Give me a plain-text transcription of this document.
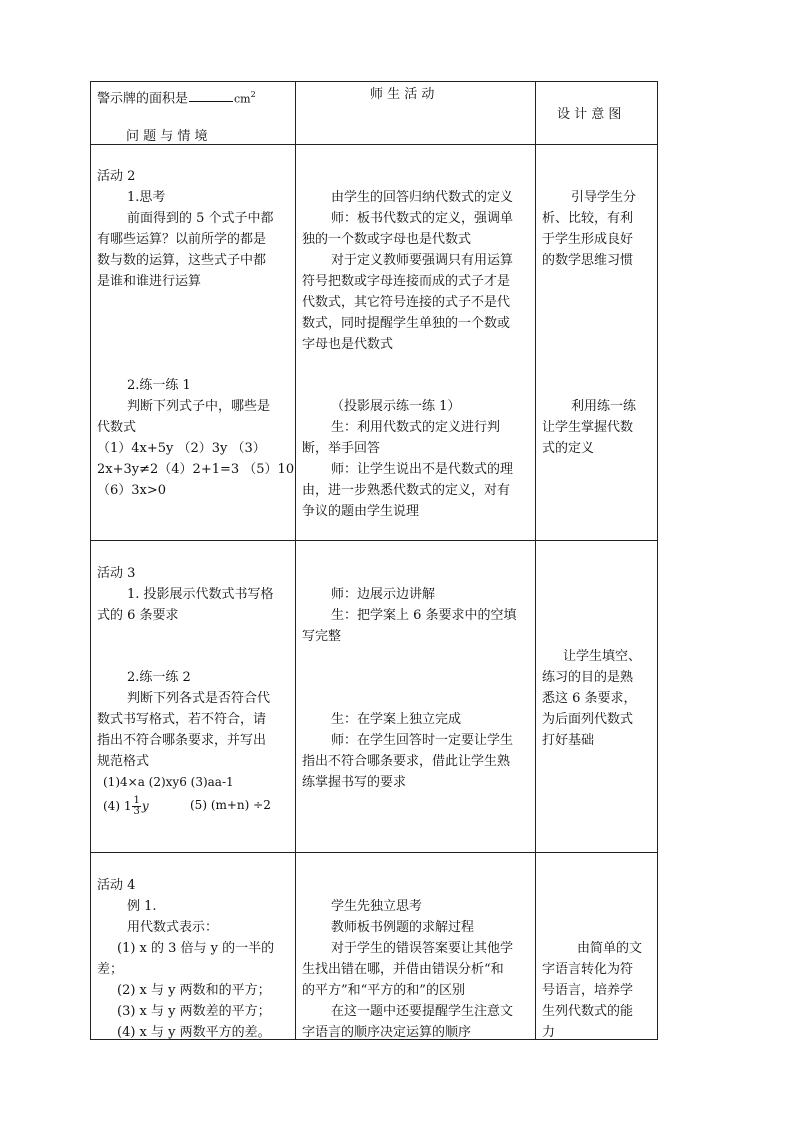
警示牌的面积是	$cm^2$
问 题 与 情 境
师 生 活 动
设 计 意 图
活动 2
1.思考
前面得到的 5 个式子中都
有哪些运算？以前所学的都是
数与数的运算，这些式子中都
是谁和谁进行运算
2.练一练 1
判断下列式子中，哪些是
代数式
（1）4x+5y （2）3y （3）
2x+3y≠2（4）2+1=3 （5）10
（6）3x>0
由学生的回答归纳代数式的定义
师：板书代数式的定义，强调单
独的一个数或字母也是代数式
对于定义教师要强调只有用运算
符号把数或字母连接而成的式子才是
代数式，其它符号连接的式子不是代
数式，同时提醒学生单独的一个数或
字母也是代数式
（投影展示练一练 1）
生：利用代数式的定义进行判
断，举手回答
师：让学生说出不是代数式的理
由，进一步熟悉代数式的定义，对有
争议的题由学生说理
引导学生分
析、比较，有利
于学生形成良好
的数学思维习惯
利用练一练
让学生掌握代数
式的定义
活动 3
1. 投影展示代数式书写格
式的 6 条要求
2.练一练 2
判断下列各式是否符合代
数式书写格式，若不符合，请
指出不符合哪条要求，并写出
规范格式
(1)4×a (2)xy6 (3)aa-1
(4) $1 \frac{1}{3}$ y	(5) (m+n) ÷2
师：边展示边讲解
生：把学案上 6 条要求中的空填
写完整
生：在学案上独立完成
师：在学生回答时一定要让学生
指出不符合哪条要求，借此让学生熟
练掌握书写的要求
让学生填空、
练习的目的是熟
悉这 6 条要求，
为后面列代数式
打好基础
活动 4
例 1.
用代数式表示：
(1) x 的 3 倍与 y 的一半的
差；
(2) x 与 y 两数和的平方；
(3) x 与 y 两数差的平方；
(4) x 与 y 两数平方的差。
学生先独立思考
教师板书例题的求解过程
对于学生的错误答案要让其他学
生找出错在哪，并借由错误分析“和
的平方”和“平方的和”的区别
在这一题中还要提醒学生注意文
字语言的顺序决定运算的顺序
由简单的文
字语言转化为符
号语言，培养学
生列代数式的能
力
